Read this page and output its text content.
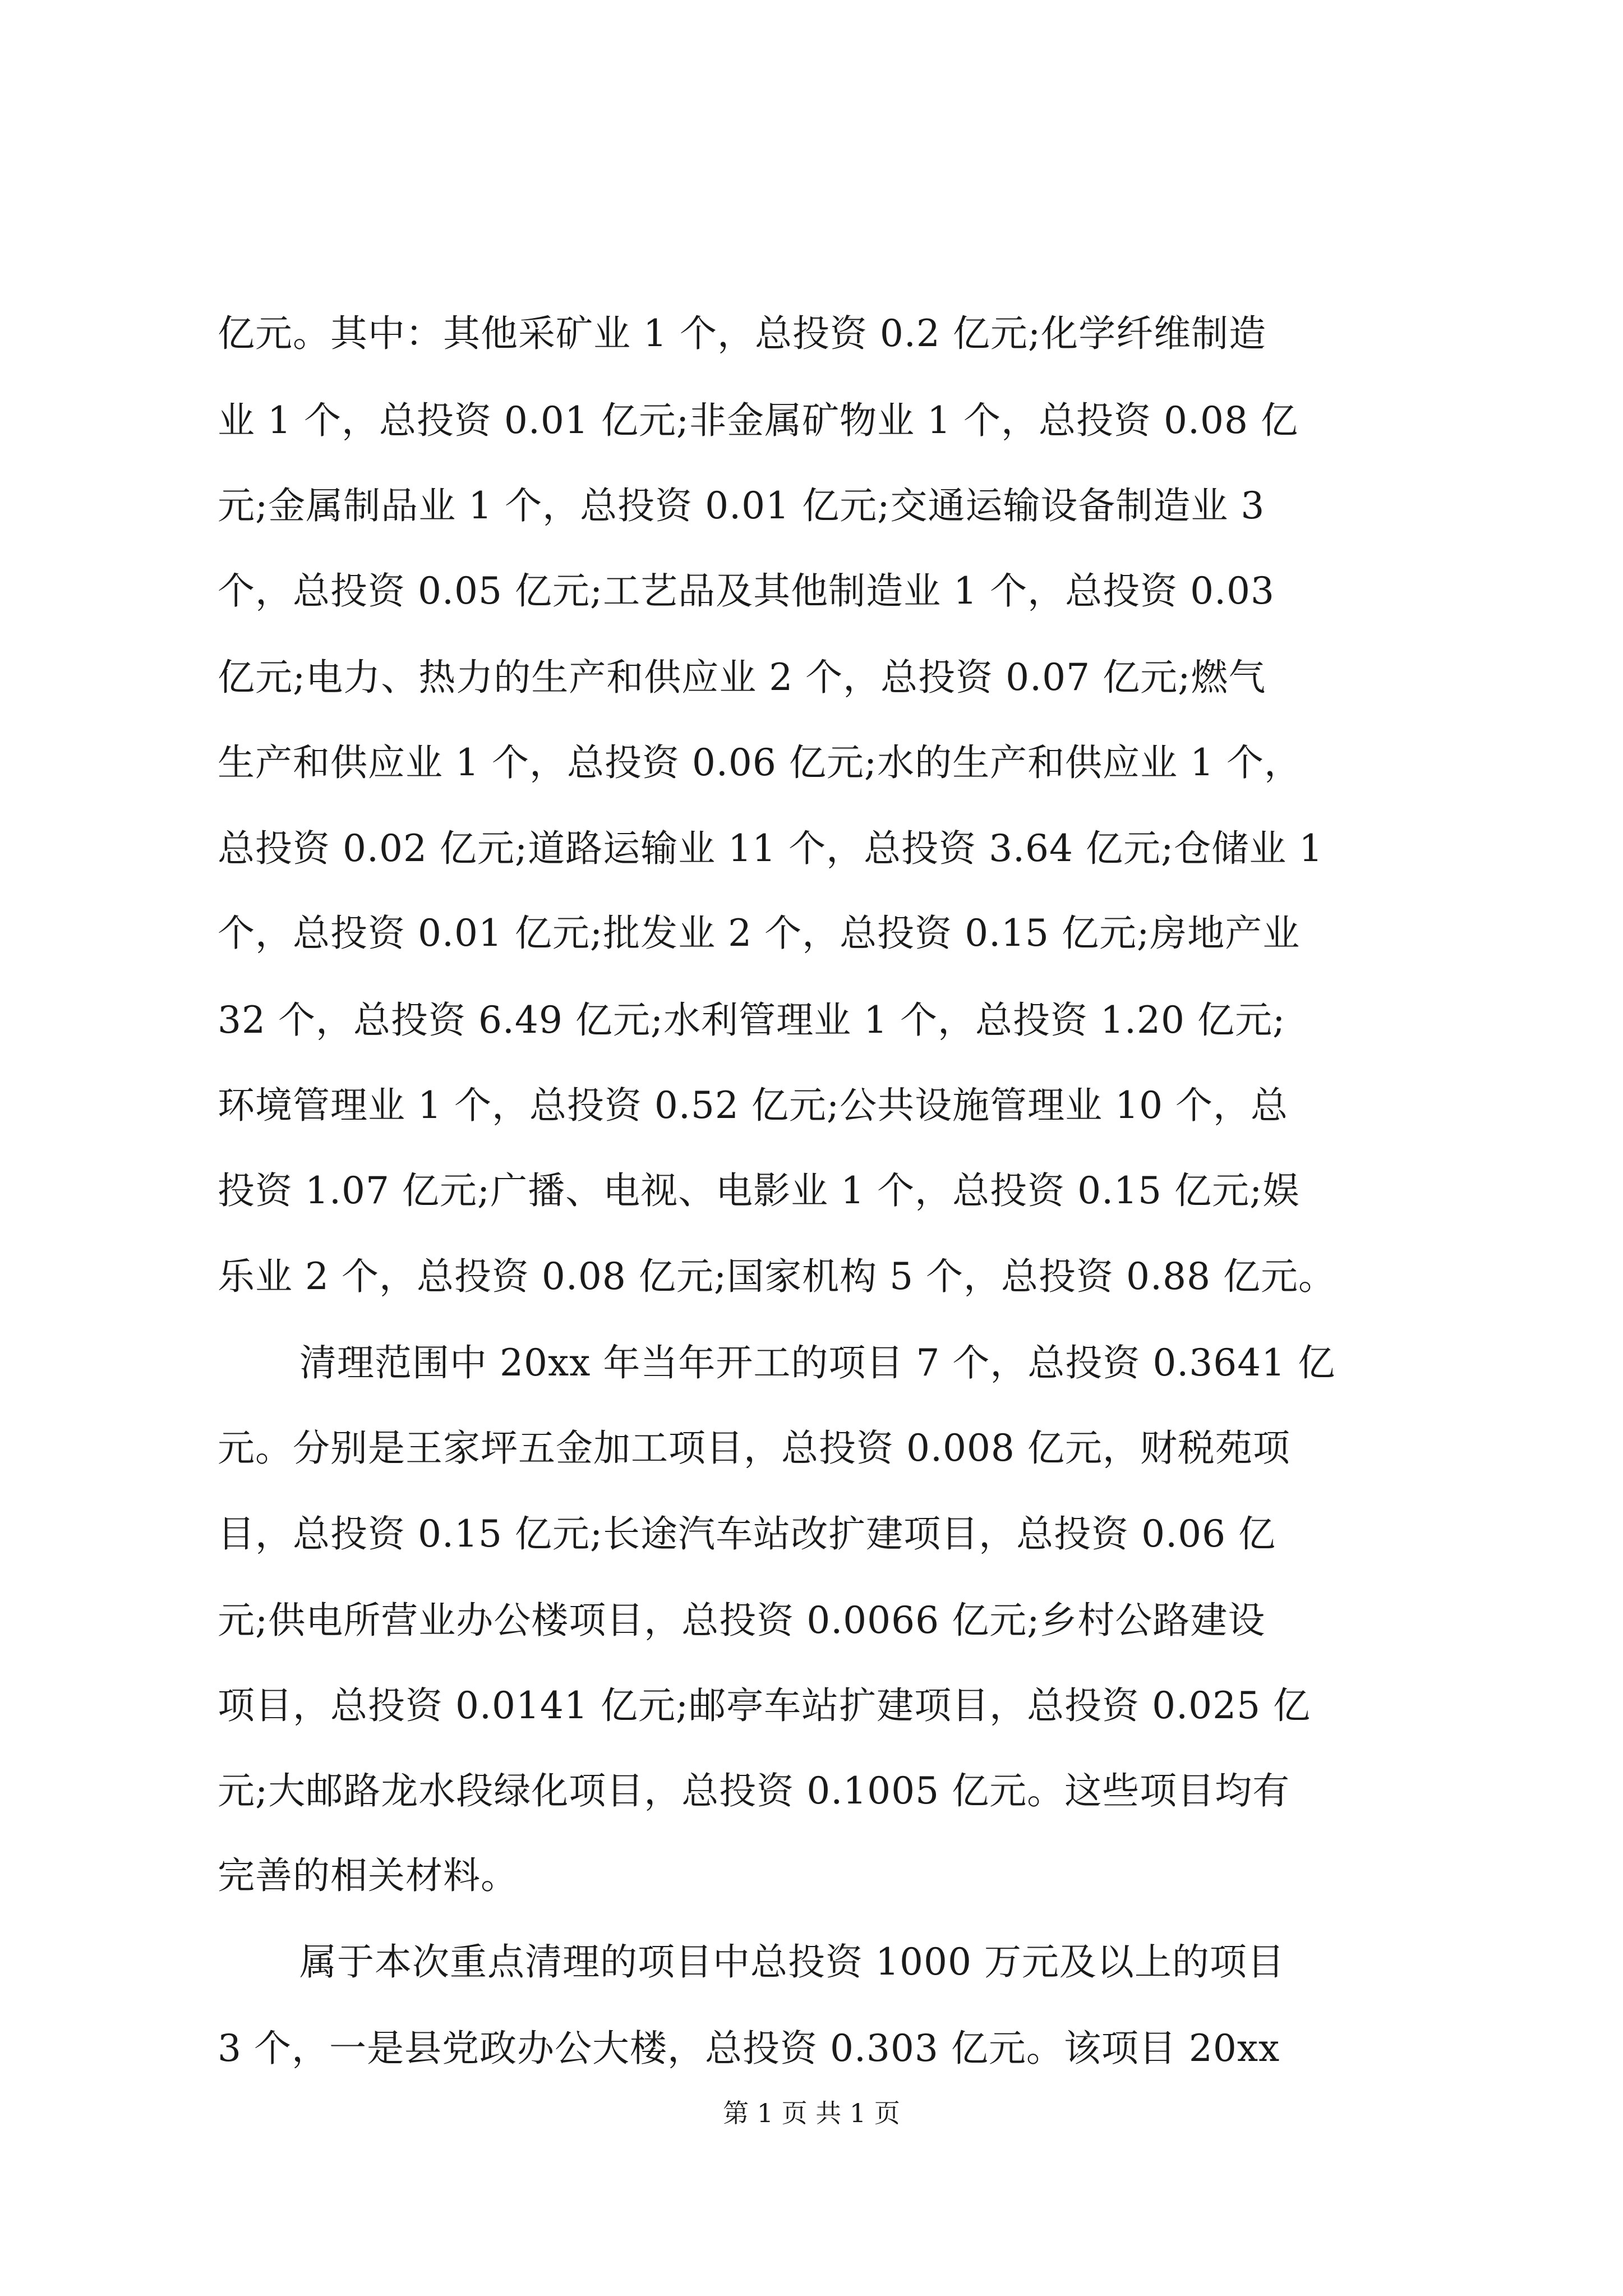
亿元。其中：其他采矿业 1 个，总投资 0.2 亿元;化学纤维制造

业 1 个，总投资 0.01 亿元;非金属矿物业 1 个，总投资 0.08 亿

元;金属制品业 1 个，总投资 0.01 亿元;交通运输设备制造业 3

个，总投资 0.05 亿元;工艺品及其他制造业 1 个，总投资 0.03

亿元;电力、热力的生产和供应业 2 个，总投资 0.07 亿元;燃气

生产和供应业 1 个，总投资 0.06 亿元;水的生产和供应业 1 个，

总投资 0.02 亿元;道路运输业 11 个，总投资 3.64 亿元;仓储业 1

个，总投资 0.01 亿元;批发业 2 个，总投资 0.15 亿元;房地产业

32 个，总投资 6.49 亿元;水利管理业 1 个，总投资 1.20 亿元;

环境管理业 1 个，总投资 0.52 亿元;公共设施管理业 10 个，总

投资 1.07 亿元;广播、电视、电影业 1 个，总投资 0.15 亿元;娱

乐业 2 个，总投资 0.08 亿元;国家机构 5 个，总投资 0.88 亿元。

清理范围中 20xx 年当年开工的项目 7 个，总投资 0.3641 亿

元。分别是王家坪五金加工项目，总投资 0.008 亿元，财税苑项

目，总投资 0.15 亿元;长途汽车站改扩建项目，总投资 0.06 亿

元;供电所营业办公楼项目，总投资 0.0066 亿元;乡村公路建设

项目，总投资 0.0141 亿元;邮亭车站扩建项目，总投资 0.025 亿

元;大邮路龙水段绿化项目，总投资 0.1005 亿元。这些项目均有

完善的相关材料。

属于本次重点清理的项目中总投资 1000 万元及以上的项目

3 个，一是县党政办公大楼，总投资 0.303 亿元。该项目 20xx

第 1 页 共 1 页
